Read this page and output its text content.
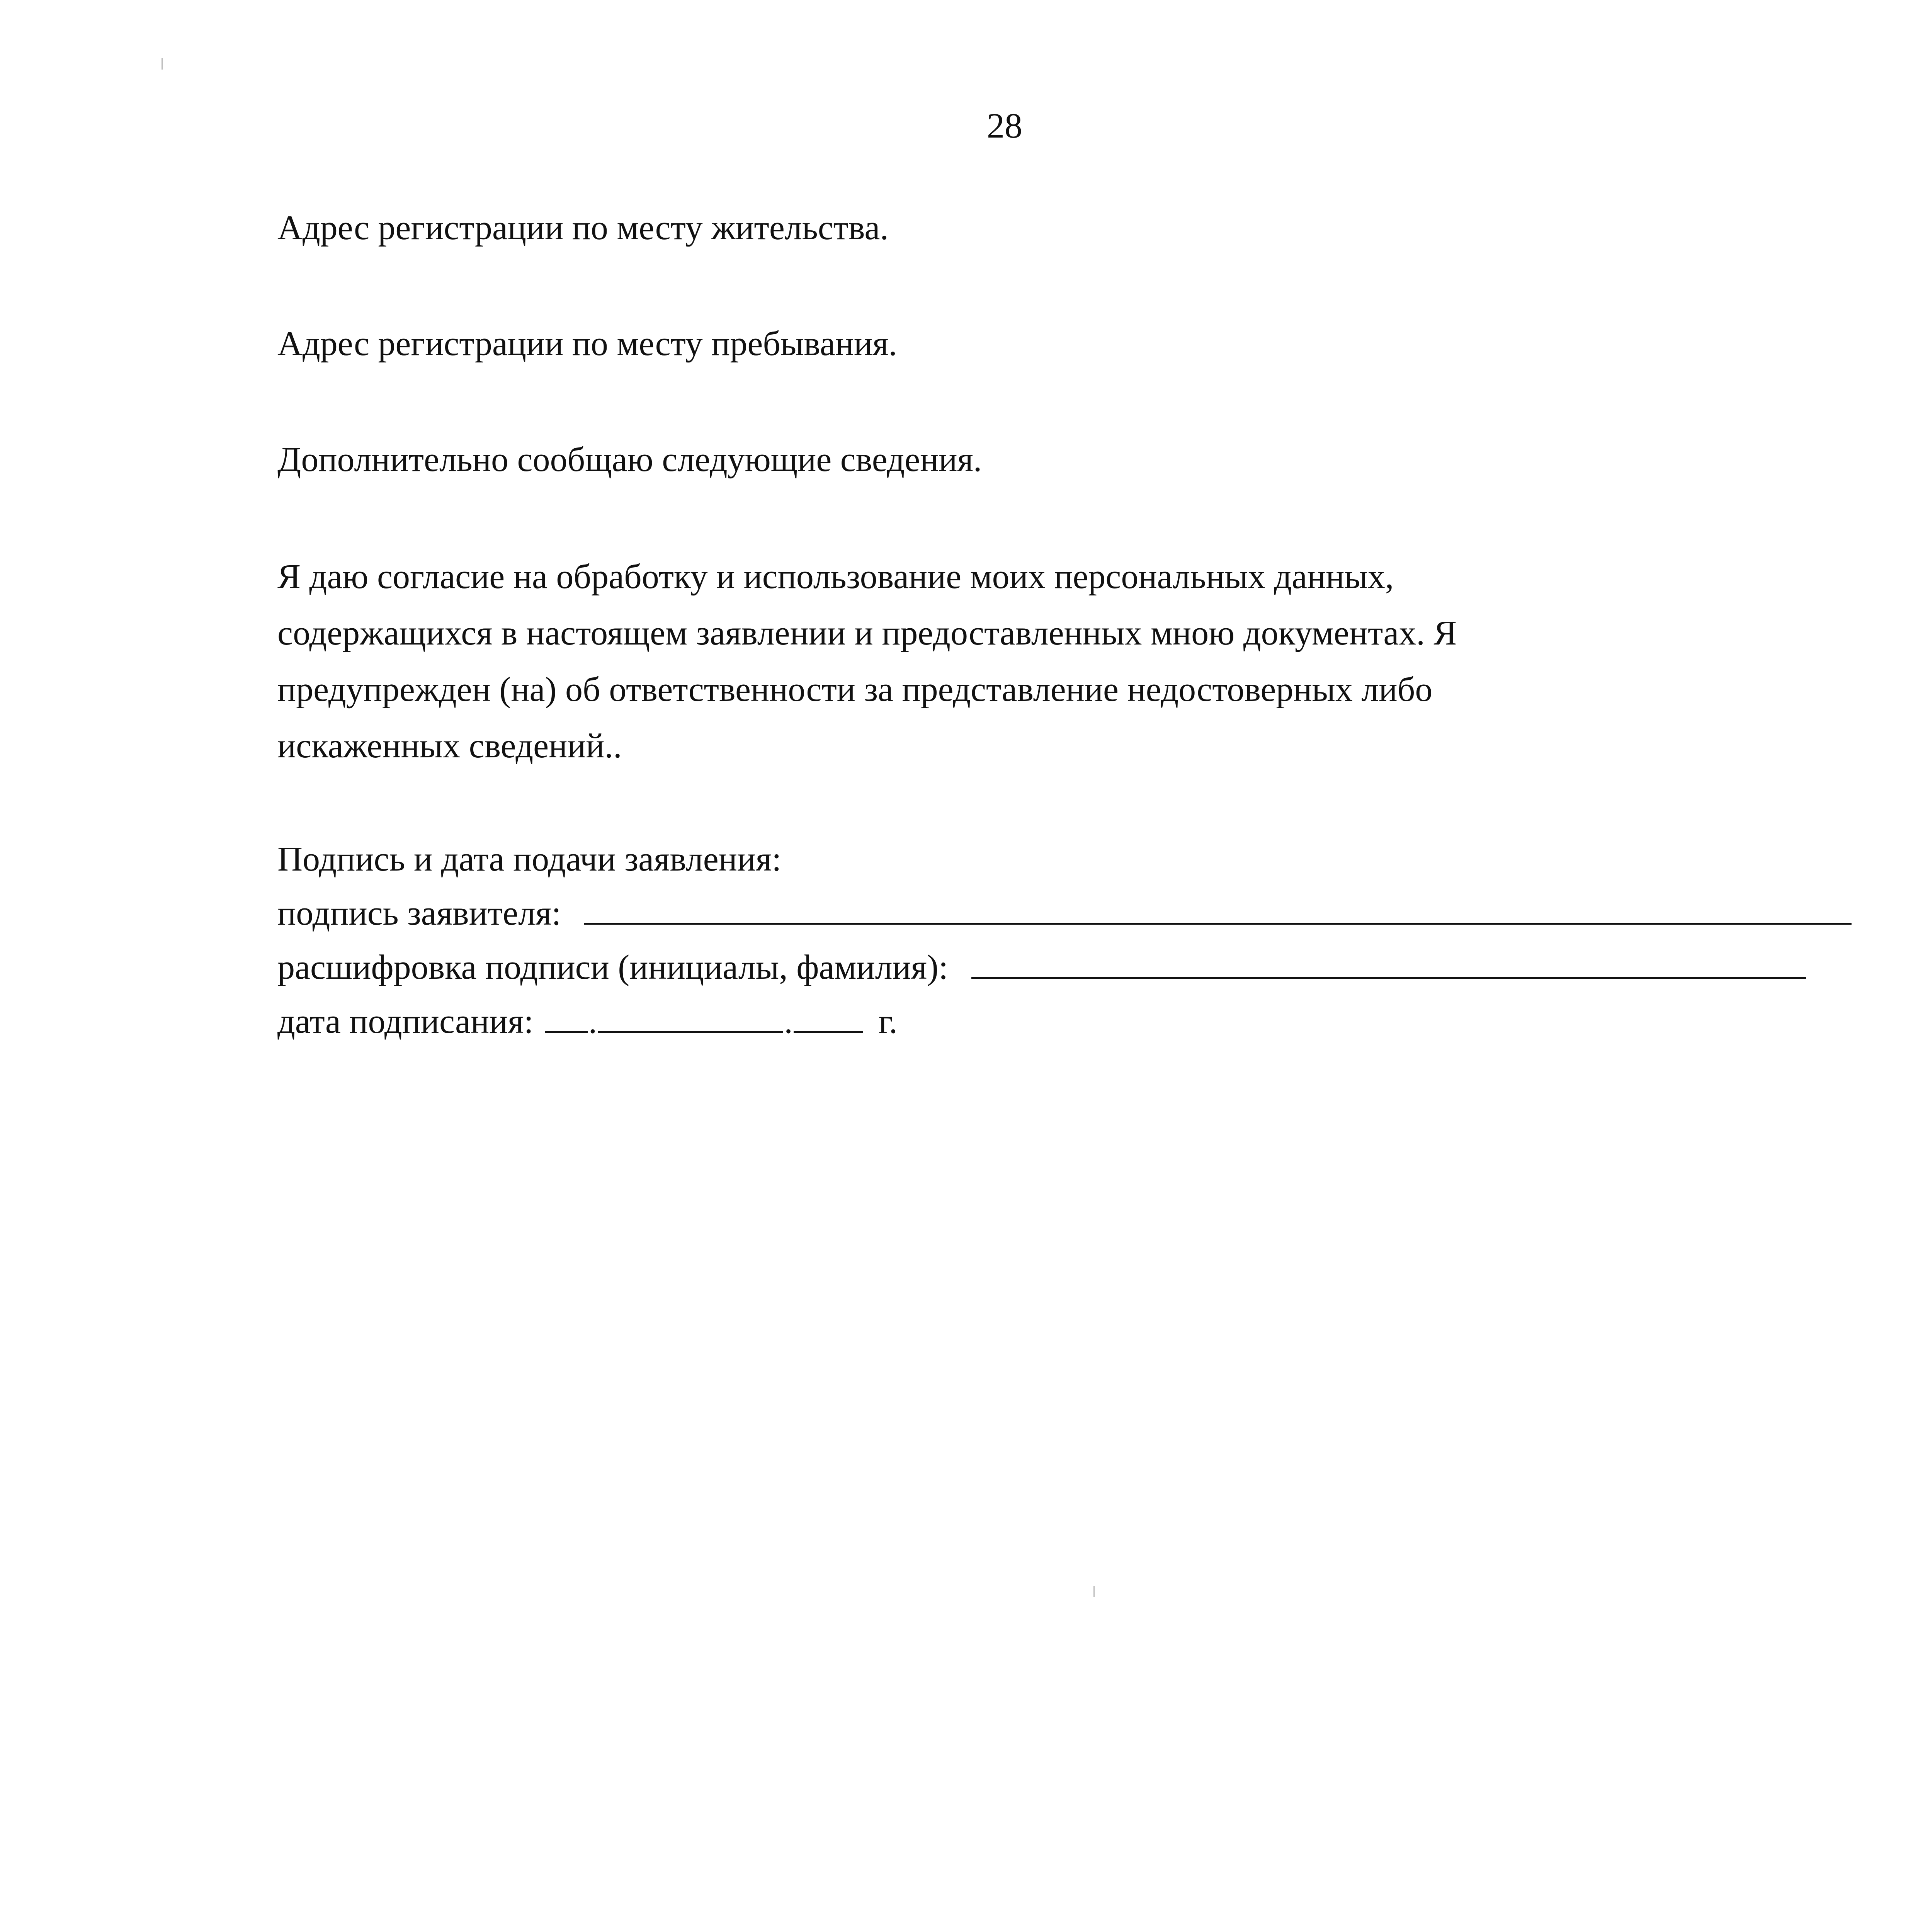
28

Адрес регистрации по месту жительства.

Адрес регистрации по месту пребывания.

Дополнительно сообщаю следующие сведения.

Я даю согласие на обработку и использование моих персональных данных,
содержащихся в настоящем заявлении и предоставленных мною документах. Я
предупрежден (на) об ответственности за представление недостоверных либо
искаженных сведений..
Подпись и дата подачи заявления:
подпись заявителя:
расшифровка подписи (инициалы, фамилия):
дата подписания: .	. г.
